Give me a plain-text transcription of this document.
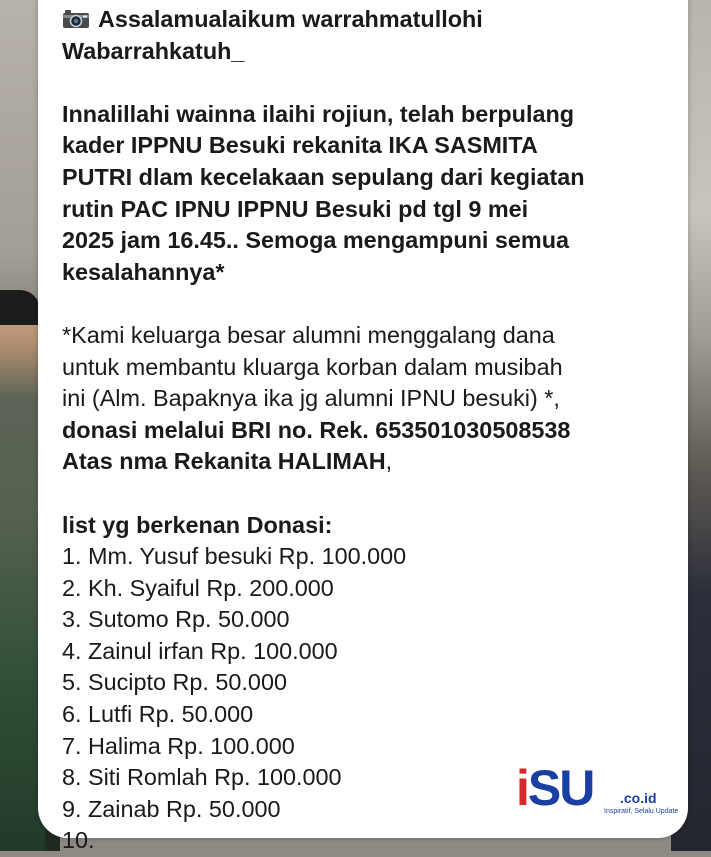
Assalamualaikum warrahmatullohi
Wabarrahkatuh_
Innalillahi wainna ilaihi rojiun, telah berpulang
kader IPPNU Besuki rekanita IKA SASMITA
PUTRI dlam kecelakaan sepulang dari kegiatan
rutin PAC IPNU IPPNU Besuki pd tgl 9 mei
2025 jam 16.45.. Semoga mengampuni semua
kesalahannya*
*Kami keluarga besar alumni menggalang dana
untuk membantu kluarga korban dalam musibah
ini (Alm. Bapaknya ika jg alumni IPNU besuki) *,
donasi melalui BRI no. Rek. 653501030508538
Atas nma Rekanita HALIMAH,
list yg berkenan Donasi:
1. Mm. Yusuf besuki Rp. 100.000
2. Kh. Syaiful Rp. 200.000
3. Sutomo Rp. 50.000
4. Zainul irfan Rp. 100.000
5. Sucipto Rp. 50.000
6. Lutfi Rp. 50.000
7. Halima Rp. 100.000
8. Siti Romlah Rp. 100.000
9. Zainab Rp. 50.000
10.
iSU .co.id
Inspiratif, Selalu Update
